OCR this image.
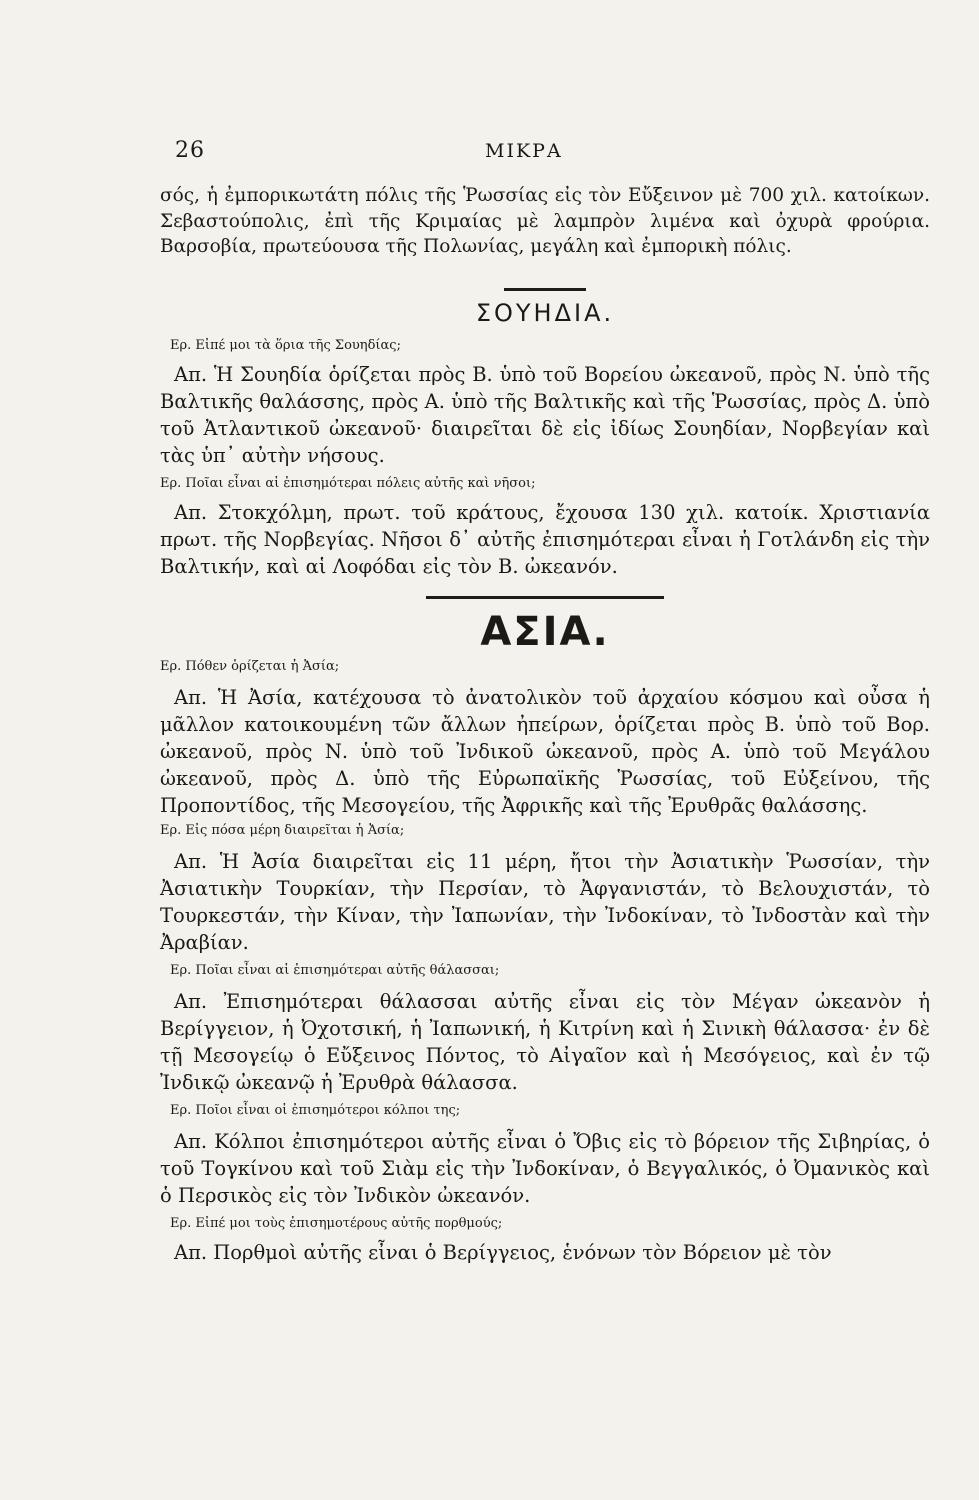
26	ΜΙΚΡΑ

σός, ἡ ἐμπορικωτάτη πόλις τῆς Ῥωσσίας εἰς τὸν Εὔξεινον μὲ 700 χιλ. κατοίκων. Σεβαστούπολις, ἐπὶ τῆς Κριμαίας μὲ λαμπρὸν λιμένα καὶ ὀχυρὰ φρούρια. Βαρσοβία, πρωτεύουσα τῆς Πολωνίας, μεγάλη καὶ ἐμπορικὴ πόλις.

ΣΟΥΗΔΙΑ.

Ερ. Εἰπέ μοι τὰ ὅρια τῆς Σουηδίας;

Απ. Ἡ Σουηδία ὁρίζεται πρὸς Β. ὑπὸ τοῦ Βορείου ὠκεανοῦ, πρὸς Ν. ὑπὸ τῆς Βαλτικῆς θαλάσσης, πρὸς Α. ὑπὸ τῆς Βαλτικῆς καὶ τῆς Ῥωσσίας, πρὸς Δ. ὑπὸ τοῦ Ἀτλαντικοῦ ὠκεανοῦ· διαιρεῖται δὲ εἰς ἰδίως Σουηδίαν, Νορβεγίαν καὶ τὰς ὑπ᾽ αὐτὴν νήσους.

Ερ. Ποῖαι εἶναι αἱ ἐπισημότεραι πόλεις αὐτῆς καὶ νῆσοι;

Απ. Στοκχόλμη, πρωτ. τοῦ κράτους, ἔχουσα 130 χιλ. κατοίκ. Χριστιανία πρωτ. τῆς Νορβεγίας. Νῆσοι δ᾽ αὐτῆς ἐπισημότεραι εἶναι ἡ Γοτλάνδη εἰς τὴν Βαλτικήν, καὶ αἱ Λοφόδαι εἰς τὸν Β. ὠκεανόν.

ΑΣΙΑ.

Ερ. Πόθεν ὁρίζεται ἡ Ἀσία;

Απ. Ἡ Ἀσία, κατέχουσα τὸ ἀνατολικὸν τοῦ ἀρχαίου κόσμου καὶ οὖσα ἡ μᾶλλον κατοικουμένη τῶν ἄλλων ἠπείρων, ὁρίζεται πρὸς Β. ὑπὸ τοῦ Βορ. ὠκεανοῦ, πρὸς Ν. ὑπὸ τοῦ Ἰνδικοῦ ὠκεανοῦ, πρὸς Α. ὑπὸ τοῦ Μεγάλου ὠκεανοῦ, πρὸς Δ. ὑπὸ τῆς Εὐρωπαϊκῆς Ῥωσσίας, τοῦ Εὐξείνου, τῆς Προποντίδος, τῆς Μεσογείου, τῆς Ἀφρικῆς καὶ τῆς Ἐρυθρᾶς θαλάσσης.

Ερ. Εἰς πόσα μέρη διαιρεῖται ἡ Ἀσία;

Απ. Ἡ Ἀσία διαιρεῖται εἰς 11 μέρη, ἤτοι τὴν Ἀσιατικὴν Ῥωσσίαν, τὴν Ἀσιατικὴν Τουρκίαν, τὴν Περσίαν, τὸ Ἀφγανιστάν, τὸ Βελουχιστάν, τὸ Τουρκεστάν, τὴν Κίναν, τὴν Ἰαπωνίαν, τὴν Ἰνδοκίναν, τὸ Ἰνδοστὰν καὶ τὴν Ἀραβίαν.

Ερ. Ποῖαι εἶναι αἱ ἐπισημότεραι αὐτῆς θάλασσαι;

Απ. Ἐπισημότεραι θάλασσαι αὐτῆς εἶναι εἰς τὸν Μέγαν ὠκεανὸν ἡ Βερίγγειον, ἡ Ὀχοτσική, ἡ Ἰαπωνική, ἡ Κιτρίνη καὶ ἡ Σινικὴ θάλασσα· ἐν δὲ τῇ Μεσογείῳ ὁ Εὔξεινος Πόντος, τὸ Αἰγαῖον καὶ ἡ Μεσόγειος, καὶ ἐν τῷ Ἰνδικῷ ὠκεανῷ ἡ Ἐρυθρὰ θάλασσα.

Ερ. Ποῖοι εἶναι οἱ ἐπισημότεροι κόλποι της;

Απ. Κόλποι ἐπισημότεροι αὐτῆς εἶναι ὁ Ὄβις εἰς τὸ βόρειον τῆς Σιβηρίας, ὁ τοῦ Τογκίνου καὶ τοῦ Σιὰμ εἰς τὴν Ἰνδοκίναν, ὁ Βεγγαλικός, ὁ Ὀμανικὸς καὶ ὁ Περσικὸς εἰς τὸν Ἰνδικὸν ὠκεανόν.

Ερ. Εἰπέ μοι τοὺς ἐπισημοτέρους αὐτῆς πορθμούς;

Απ. Πορθμοὶ αὐτῆς εἶναι ὁ Βερίγγειος, ἑνόνων τὸν Βόρειον μὲ τὸν
